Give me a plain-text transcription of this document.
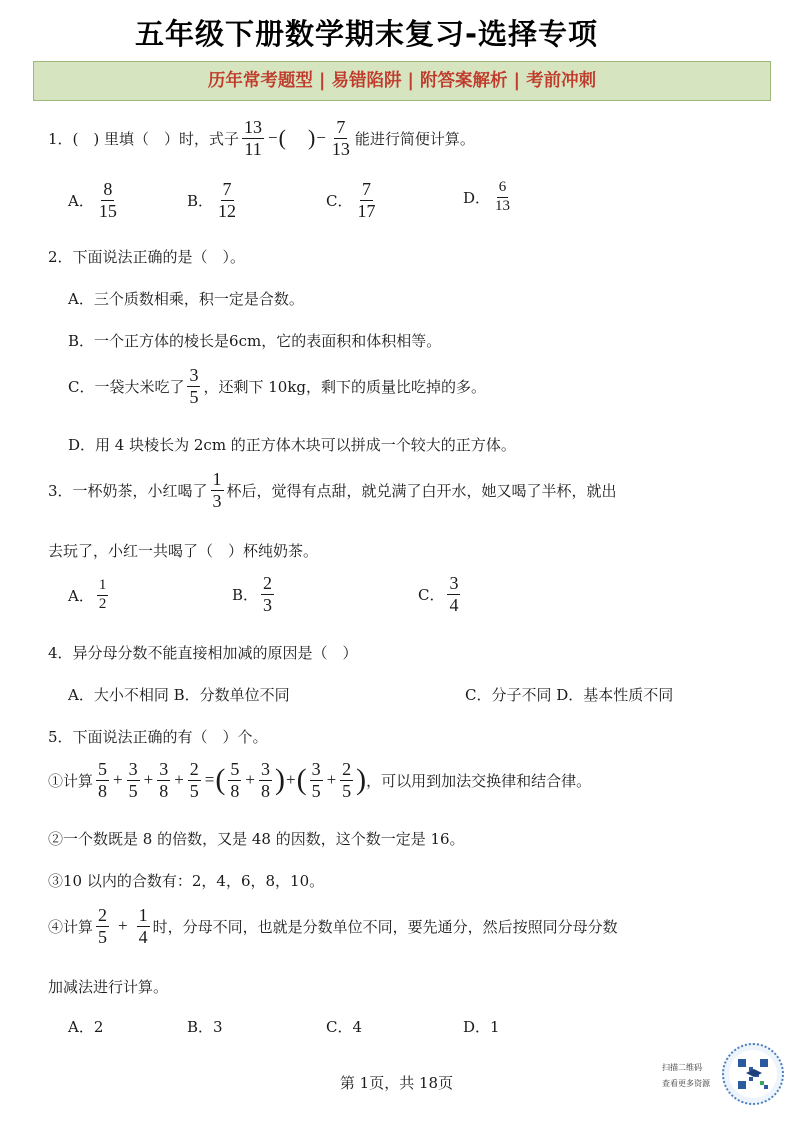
五年级下册数学期末复习-选择专项
历年常考题型 | 易错陷阱 | 附答案解析 | 考前冲刺
1．( ) 里填（ ）时，式子 $\frac{13}{11}$ − ( ) − $\frac{7}{13}$ 能进行简便计算。
A． $\frac{8}{15}$	B． $\frac{7}{12}$	C． $\frac{7}{17}$	D． $\frac{6}{13}$
2．下面说法正确的是（ ）。
A．三个质数相乘，积一定是合数。
B．一个正方体的棱长是6cm，它的表面积和体积相等。
C．一袋大米吃了 $\frac{3}{5}$ ，还剩下 10kg，剩下的质量比吃掉的多。
D．用 4 块棱长为 2cm 的正方体木块可以拼成一个较大的正方体。
3．一杯奶茶，小红喝了 $\frac{1}{3}$ 杯后，觉得有点甜，就兑满了白开水，她又喝了半杯，就出
去玩了，小红一共喝了（ ）杯纯奶茶。
A． $\frac{1}{2}$	B． $\frac{2}{3}$	C． $\frac{3}{4}$
4．异分母分数不能直接相加减的原因是（ ）
A．大小不相同 B．分数单位不同	C．分子不同 D．基本性质不同
5．下面说法正确的有（ ）个。
①计算 $\frac{5}{8} + \frac{3}{5} + \frac{3}{8} + \frac{2}{5}$ = ( $\frac{5}{8} + \frac{3}{8}$ ) + ( $\frac{3}{5} + \frac{2}{5}$ ) ，可以用到加法交换律和结合律。
②一个数既是 8 的倍数，又是 48 的因数，这个数一定是 16。
③10 以内的合数有：2，4，6，8，10。
④计算 $\frac{2}{5} + \frac{1}{4}$ 时，分母不同，也就是分数单位不同，要先通分，然后按照同分母分数
加减法进行计算。
A．2	B．3	C．4	D．1
第 1页，共 18页
扫描二维码
查看更多资源
